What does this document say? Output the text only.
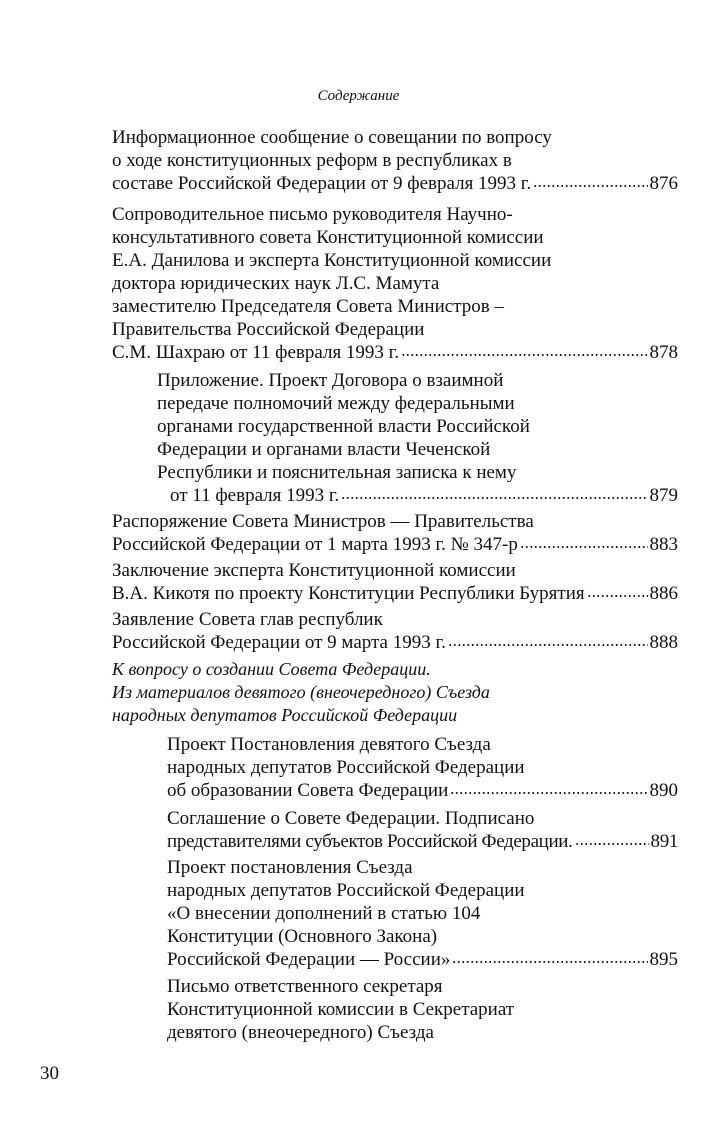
Содержание
Информационное сообщение о совещании по вопросу
о ходе конституционных реформ в республиках в
составе Российской Федерации от 9 февраля 1993 г.	876
Сопроводительное письмо руководителя Научно-
консультативного совета Конституционной комиссии
Е.А. Данилова и эксперта Конституционной комиссии
доктора юридических наук Л.С. Мамута
заместителю Председателя Совета Министров –
Правительства Российской Федерации
С.М. Шахраю от 11 февраля 1993 г.	878
Приложение. Проект Договора о взаимной
передаче полномочий между федеральными
органами государственной власти Российской
Федерации и органами власти Чеченской
Республики и пояснительная записка к нему
от 11 февраля 1993 г.	879
Распоряжение Совета Министров — Правительства
Российской Федерации от 1 марта 1993 г. № 347-р	883
Заключение эксперта Конституционной комиссии
В.А. Кикотя по проекту Конституции Республики Бурятия	886
Заявление Совета глав республик
Российской Федерации от 9 марта 1993 г.	888
К вопросу о создании Совета Федерации.
Из материалов девятого (внеочередного) Съезда
народных депутатов Российской Федерации
Проект Постановления девятого Съезда
народных депутатов Российской Федерации
об образовании Совета Федерации	890
Соглашение о Совете Федерации. Подписано
представителями субъектов Российской Федерации.	891
Проект постановления Съезда
народных депутатов Российской Федерации
«О внесении дополнений в статью 104
Конституции (Основного Закона)
Российской Федерации — России»	895
Письмо ответственного секретаря
Конституционной комиссии в Секретариат
девятого (внеочередного) Съезда
30
